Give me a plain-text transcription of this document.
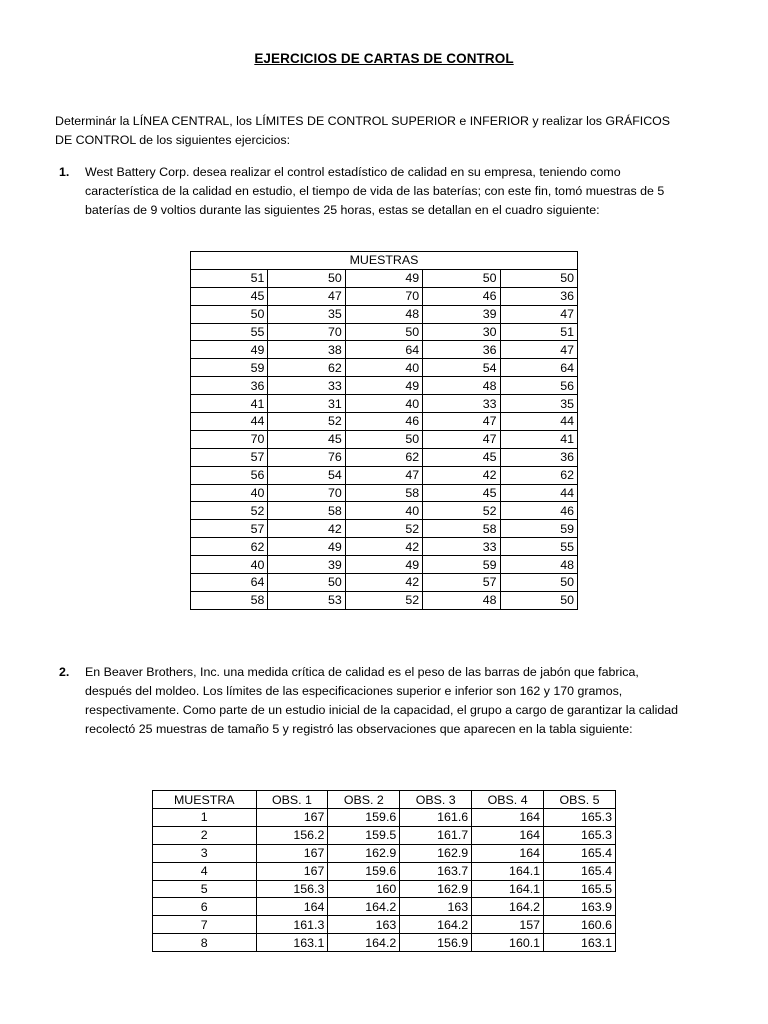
EJERCICIOS DE CARTAS DE CONTROL
Determinár la LÍNEA CENTRAL, los LÍMITES DE CONTROL SUPERIOR e INFERIOR y realizar los GRÁFICOS DE CONTROL de los siguientes ejercicios:
1. West Battery Corp. desea realizar el control estadístico de calidad en su empresa, teniendo como característica de la calidad en estudio, el tiempo de vida de las baterías; con este fin, tomó muestras de 5 baterías de 9 voltios durante las siguientes 25 horas, estas se detallan en el cuadro siguiente:
MUESTRAS				
51	50	49	50	50
45	47	70	46	36
50	35	48	39	47
55	70	50	30	51
49	38	64	36	47
59	62	40	54	64
36	33	49	48	56
41	31	40	33	35
44	52	46	47	44
70	45	50	47	41
57	76	62	45	36
56	54	47	42	62
40	70	58	45	44
52	58	40	52	46
57	42	52	58	59
62	49	42	33	55
40	39	49	59	48
64	50	42	57	50
58	53	52	48	50
2. En Beaver Brothers, Inc. una medida crítica de calidad es el peso de las barras de jabón que fabrica, después del moldeo. Los límites de las especificaciones superior e inferior son 162 y 170 gramos, respectivamente. Como parte de un estudio inicial de la capacidad, el grupo a cargo de garantizar la calidad recolectó 25 muestras de tamaño 5 y registró las observaciones que aparecen en la tabla siguiente:
MUESTRA	OBS. 1	OBS. 2	OBS. 3	OBS. 4	OBS. 5
1	167	159.6	161.6	164	165.3
2	156.2	159.5	161.7	164	165.3
3	167	162.9	162.9	164	165.4
4	167	159.6	163.7	164.1	165.4
5	156.3	160	162.9	164.1	165.5
6	164	164.2	163	164.2	163.9
7	161.3	163	164.2	157	160.6
8	163.1	164.2	156.9	160.1	163.1
